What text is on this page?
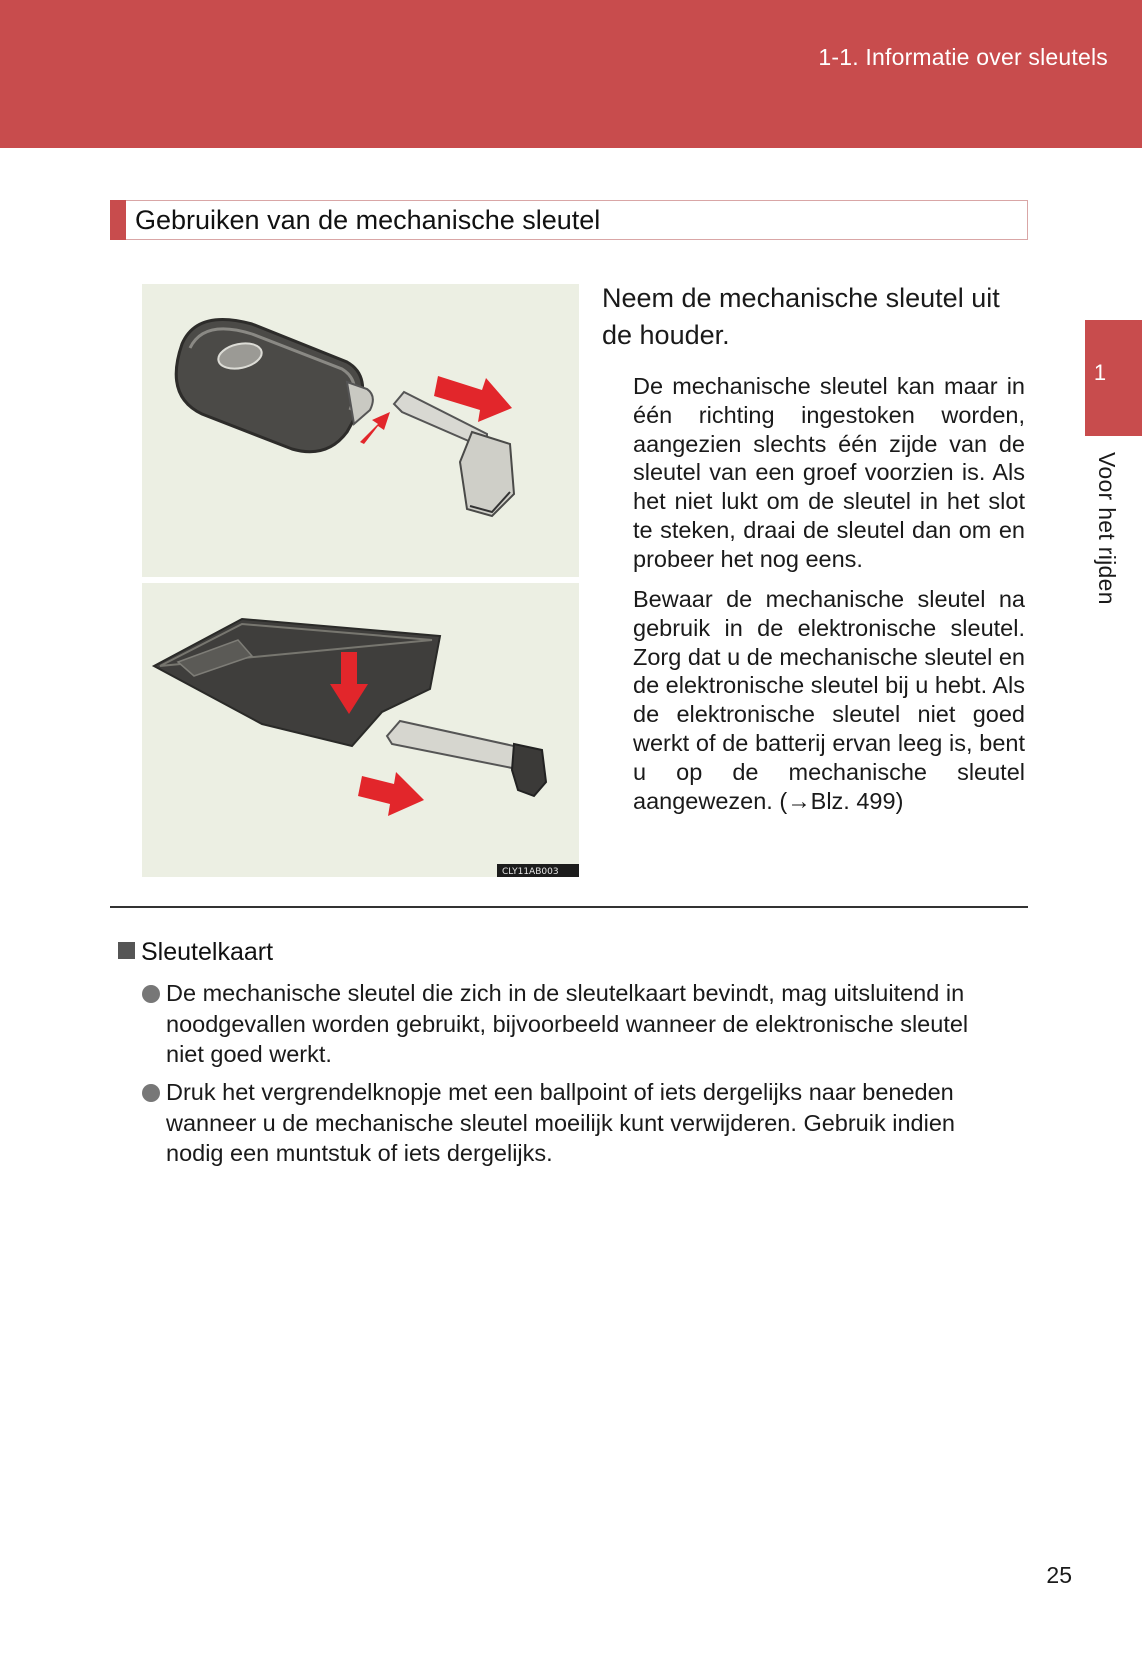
1-1. Informatie over sleutels
Gebruiken van de mechanische sleutel
CLY11AB003
Neem de mechanische sleutel uit de houder.
De mechanische sleutel kan maar in één richting ingestoken worden, aangezien slechts één zijde van de sleutel van een groef voorzien is. Als het niet lukt om de sleutel in het slot te steken, draai de sleutel dan om en probeer het nog eens.
Bewaar de mechanische sleutel na gebruik in de elektronische sleutel. Zorg dat u de mechanische sleutel en de elektronische sleutel bij u hebt. Als de elektronische sleutel niet goed werkt of de batterij ervan leeg is, bent u op de mechanische sleutel aangewezen. (→Blz. 499)
Sleutelkaart
De mechanische sleutel die zich in de sleutelkaart bevindt, mag uitsluitend in noodgevallen worden gebruikt, bijvoorbeeld wanneer de elektronische sleutel niet goed werkt.
Druk het vergrendelknopje met een ballpoint of iets dergelijks naar beneden wanneer u de mechanische sleutel moeilijk kunt verwijderen. Gebruik indien nodig een muntstuk of iets dergelijks.
1
Voor het rijden
25
